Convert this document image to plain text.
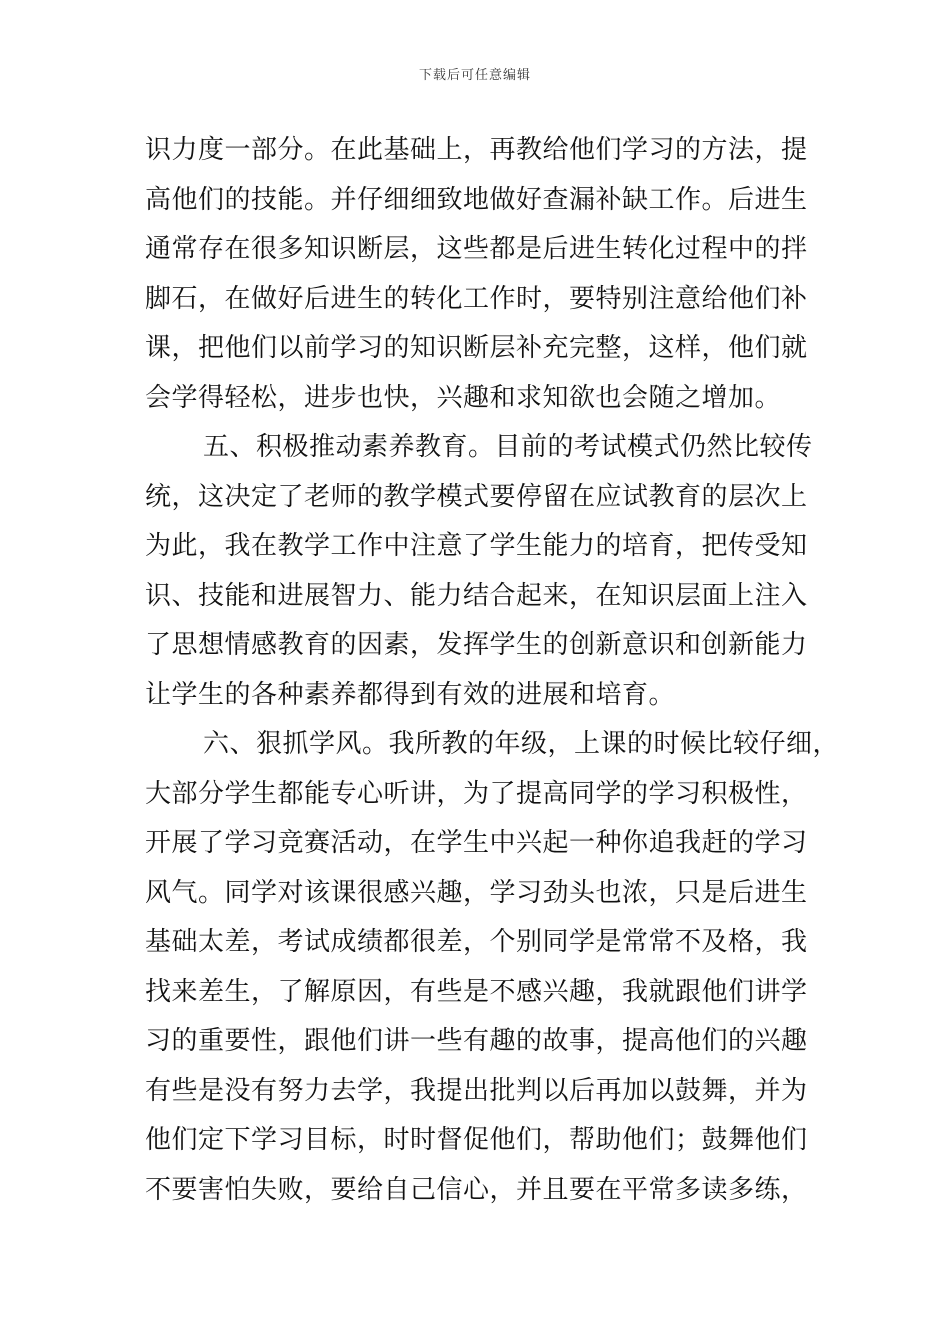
下载后可任意编辑
识力度一部分。在此基础上，再教给他们学习的方法，提
高他们的技能。并仔细细致地做好查漏补缺工作。后进生
通常存在很多知识断层，这些都是后进生转化过程中的拌
脚石，在做好后进生的转化工作时，要特别注意给他们补
课，把他们以前学习的知识断层补充完整，这样，他们就
会学得轻松，进步也快，兴趣和求知欲也会随之增加。
五、积极推动素养教育。目前的考试模式仍然比较传
统，这决定了老师的教学模式要停留在应试教育的层次上
为此，我在教学工作中注意了学生能力的培育，把传受知
识、技能和进展智力、能力结合起来，在知识层面上注入
了思想情感教育的因素，发挥学生的创新意识和创新能力
让学生的各种素养都得到有效的进展和培育。
六、狠抓学风。我所教的年级，上课的时候比较仔细，
大部分学生都能专心听讲，为了提高同学的学习积极性，
开展了学习竞赛活动，在学生中兴起一种你追我赶的学习
风气。同学对该课很感兴趣，学习劲头也浓，只是后进生
基础太差，考试成绩都很差，个别同学是常常不及格，我
找来差生，了解原因，有些是不感兴趣，我就跟他们讲学
习的重要性，跟他们讲一些有趣的故事，提高他们的兴趣
有些是没有努力去学，我提出批判以后再加以鼓舞，并为
他们定下学习目标，时时督促他们，帮助他们；鼓舞他们
不要害怕失败，要给自己信心，并且要在平常多读多练，
